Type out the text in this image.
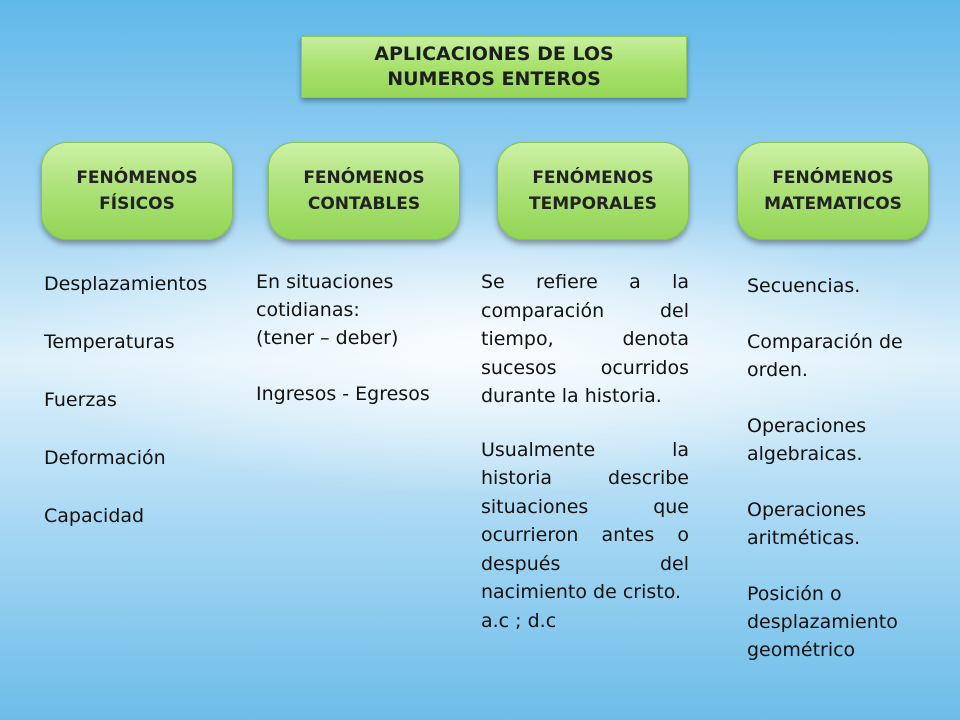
APLICACIONES DE LOS
NUMEROS ENTEROS
FENÓMENOS
FÍSICOS
FENÓMENOS
CONTABLES
FENÓMENOS
TEMPORALES
FENÓMENOS
MATEMATICOS
Desplazamientos
Temperaturas
Fuerzas
Deformación
Capacidad
En situaciones
cotidianas:
(tener – deber)
Ingresos - Egresos
Se refiere a la comparación del tiempo, denota sucesos ocurridos durante la historia.
Usualmente la historia describe situaciones que ocurrieron antes o después del nacimiento de cristo.
a.c ; d.c
Secuencias.
Comparación de orden.
Operaciones algebraicas.
Operaciones aritméticas.
Posición o desplazamiento geométrico
